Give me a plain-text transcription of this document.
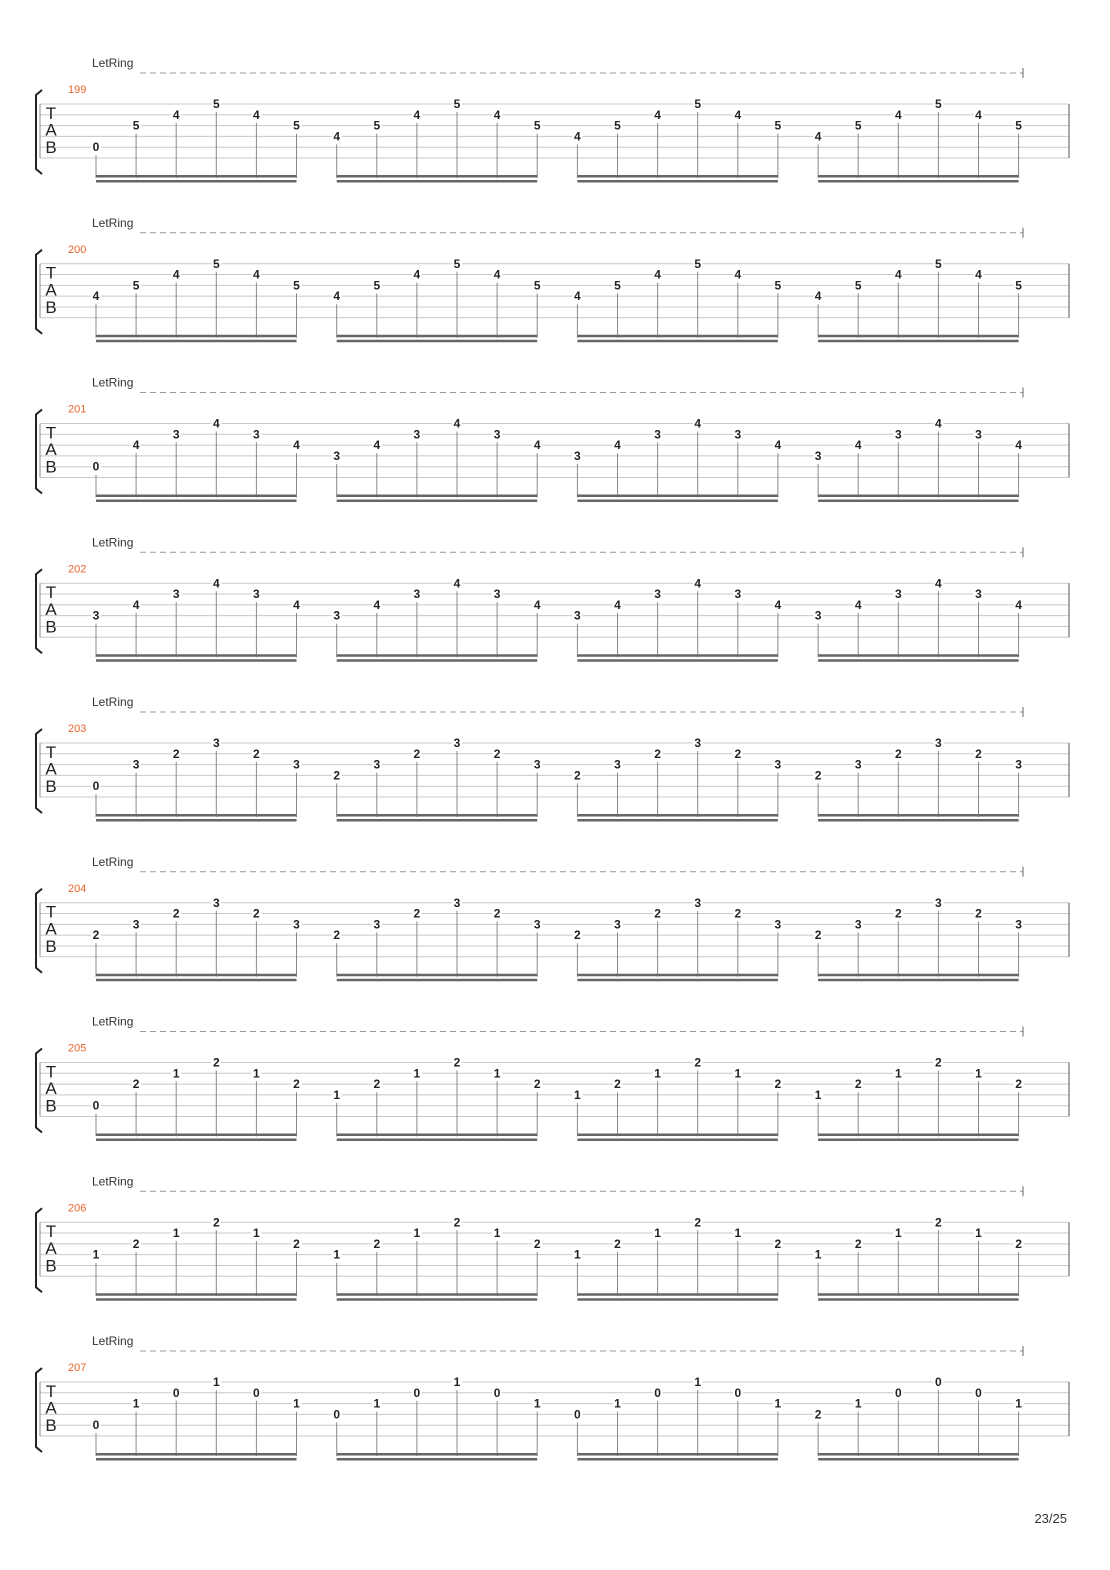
LetRing
199
T
A
B	0
5
4
5
4
5
4
5
4
5
4
5
4
5
4
5
4
5
4
5
4
5
4
5
LetRing
200
T
A
B
4
5
4
5
4
5
4
5
4
5
4
5
4
5
4
5
4
5
4
5
4
5
4
5
LetRing
201
T
A
B	0
4
3
4
3
4
3
4
3
4
3
4
3
4
3
4
3
4
3
4
3
4
3
4
LetRing
202
T
A
B
3
4
3
4
3
4
3
4
3
4
3
4
3
4
3
4
3
4
3
4
3
4
3
4
LetRing
203
T
A
B	0
3
2
3
2
3
2
3
2
3
2
3
2
3
2
3
2
3
2
3
2
3
2
3
LetRing
204
T
A
B
2
3
2
3
2
3
2
3
2
3
2
3
2
3
2
3
2
3
2
3
2
3
2
3
LetRing
205
T
A
B	0
2
1
2
1
2
1
2
1
2
1
2
1
2
1
2
1
2
1
2
1
2
1
2
LetRing
206
T
A
B
1
2
1
2
1
2
1
2
1
2
1
2
1
2
1
2
1
2
1
2
1
2
1
2
LetRing
207
T
A
B	0
1
0
1
0
1
0
1
0
1
0
1
0
1
0
1
0
1
2
1
0
0
0
1
23/25
